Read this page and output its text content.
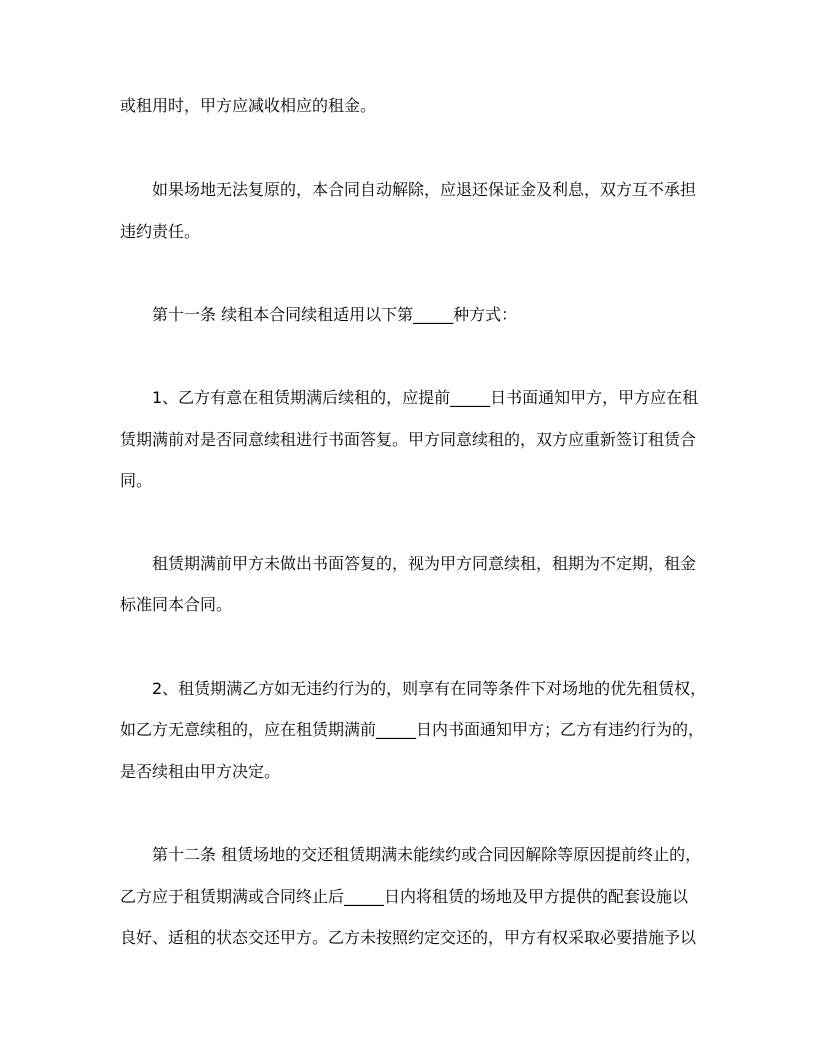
或租用时，甲方应减收相应的租金。
如果场地无法复原的，本合同自动解除，应退还保证金及利息，双方互不承担
违约责任。
第十一条 续租本合同续租适用以下第_____种方式：
1、乙方有意在租赁期满后续租的，应提前_____日书面通知甲方，甲方应在租
赁期满前对是否同意续租进行书面答复。甲方同意续租的，双方应重新签订租赁合
同。
租赁期满前甲方未做出书面答复的，视为甲方同意续租，租期为不定期，租金
标准同本合同。
2、租赁期满乙方如无违约行为的，则享有在同等条件下对场地的优先租赁权，
如乙方无意续租的，应在租赁期满前_____日内书面通知甲方；乙方有违约行为的，
是否续租由甲方决定。
第十二条 租赁场地的交还租赁期满未能续约或合同因解除等原因提前终止的，
乙方应于租赁期满或合同终止后_____日内将租赁的场地及甲方提供的配套设施以
良好、适租的状态交还甲方。乙方未按照约定交还的，甲方有权采取必要措施予以
